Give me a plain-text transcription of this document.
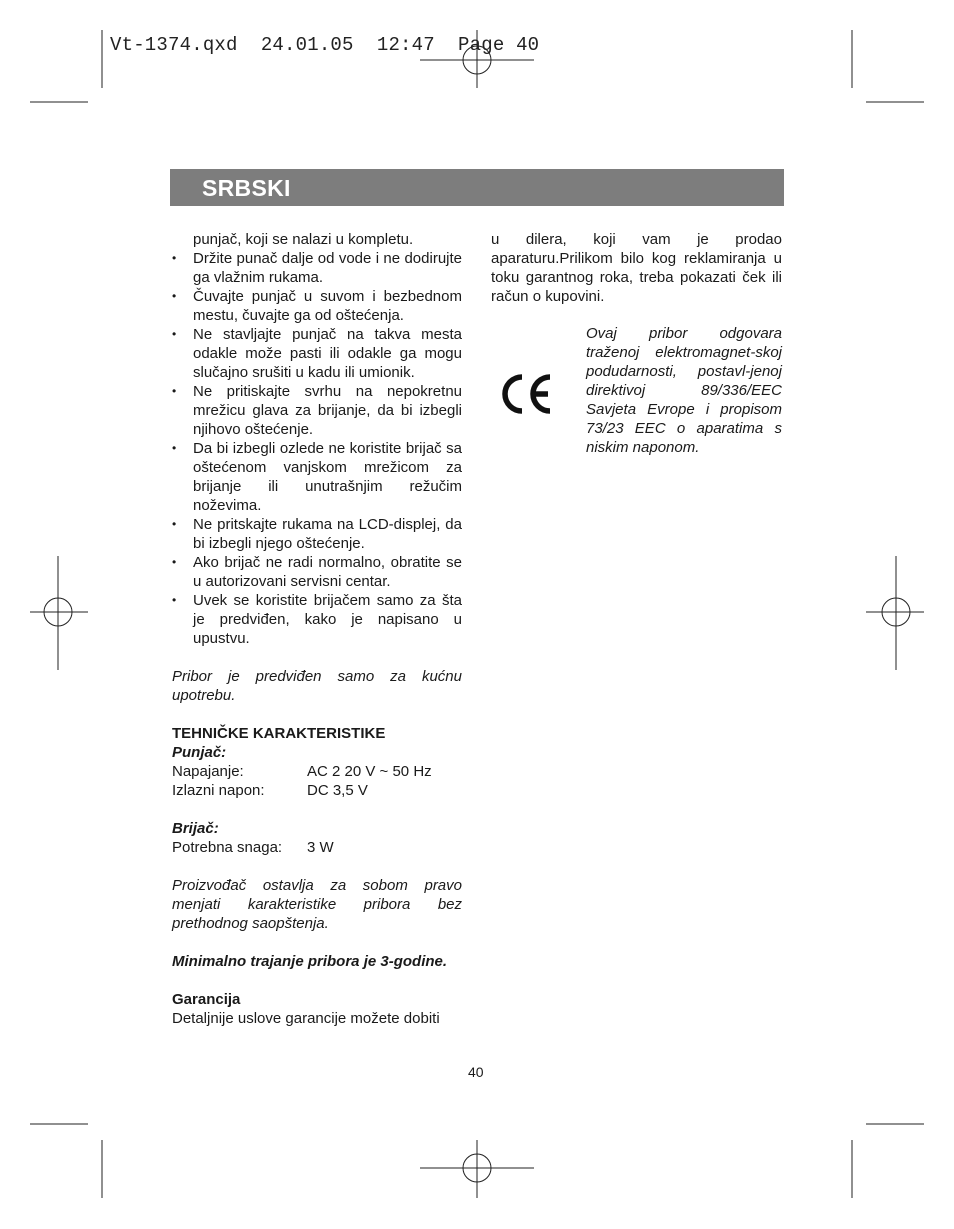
Vt-1374.qxd  24.01.05  12:47  Page 40
SRBSKI

punjač, koji se nalazi u kompletu.

• Držite punač dalje od vode i ne dodirujte ga vlažnim rukama.
• Čuvajte punjač u suvom i bezbednom mestu, čuvajte ga od oštećenja.
• Ne stavljajte punjač na takva mesta odakle može pasti ili odakle ga mogu slučajno srušiti u kadu ili umionik.
• Ne pritiskajte svrhu na nepokretnu mrežicu glava za brijanje, da bi izbegli njihovo oštećenje.
• Da bi izbegli ozlede ne koristite brijač sa oštećenom vanjskom mrežicom za brijanje ili unutrašnjim režučim noževima.
• Ne pritskajte rukama na LCD-displej, da bi izbegli njego oštećenje.
• Ako brijač ne radi normalno, obratite se u autorizovani servisni centar.
• Uvek se koristite brijačem samo za šta je predviđen, kako je napisano u upustvu.

Pribor je predviđen samo za kućnu upotrebu.

TEHNIČKE KARAKTERISTIKE

Punjač:

Napajanje:	AC 2 20 V ~ 50 Hz
Izlazni napon:	DC 3,5 V

Brijač:

Potrebna snaga:	3 W

Proizvođač ostavlja za sobom pravo menjati karakteristike pribora bez prethodnog saopštenja.

Minimalno trajanje pribora je 3-godine.

Garancija

Detaljnije uslove garancije možete dobiti

u dilera, koji vam je prodao aparaturu.Prilikom bilo kog reklamiranja u toku garantnog roka, treba pokazati ček ili račun o kupovini.

Ovaj pribor odgovara traženoj elektromagnet-skoj podudarnosti, postavl-jenoj direktivoj 89/336/EEC Savjeta Evrope i propisom 73/23 EEC o aparatima s niskim naponom.
40
